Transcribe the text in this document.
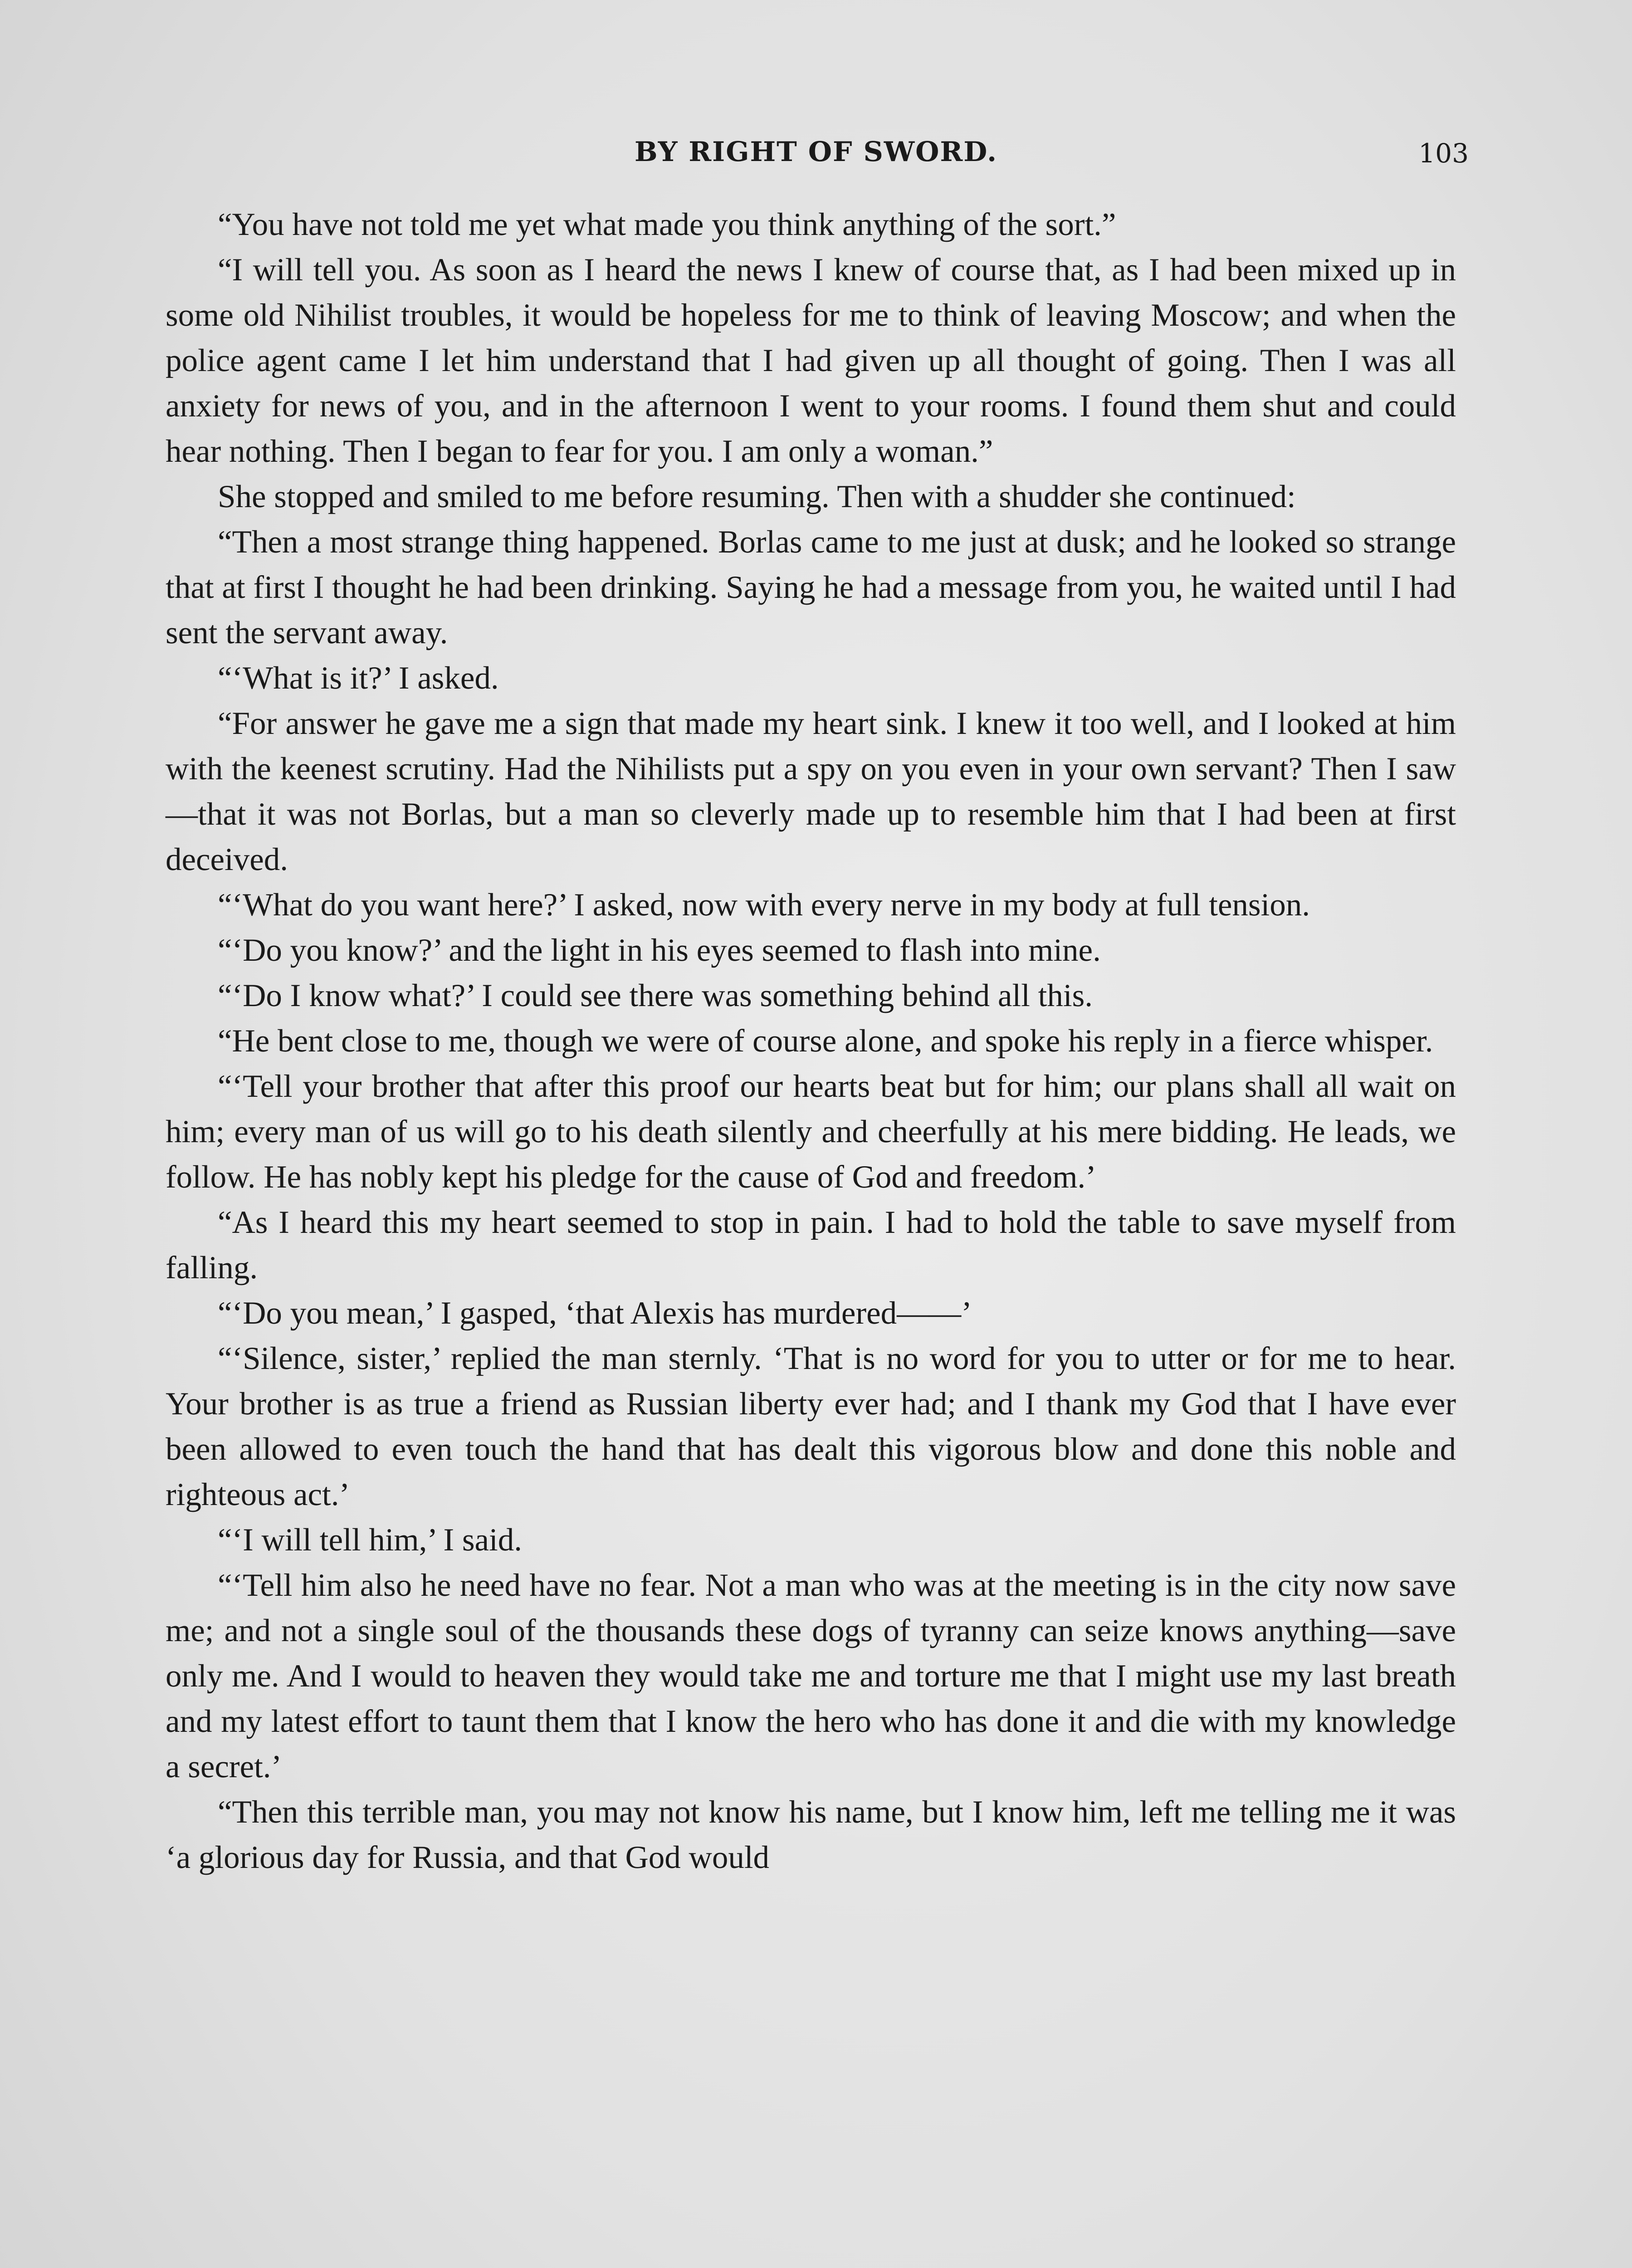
BY RIGHT OF SWORD.	103

“You have not told me yet what made you think anything of the sort.”

“I will tell you. As soon as I heard the news I knew of course that, as I had been mixed up in some old Nihilist troubles, it would be hopeless for me to think of leaving Moscow; and when the police agent came I let him understand that I had given up all thought of going. Then I was all anxiety for news of you, and in the afternoon I went to your rooms. I found them shut and could hear nothing. Then I began to fear for you. I am only a woman.”

She stopped and smiled to me before resuming. Then with a shudder she continued:

“Then a most strange thing happened. Borlas came to me just at dusk; and he looked so strange that at first I thought he had been drinking. Saying he had a message from you, he waited until I had sent the servant away.

“‘What is it?’ I asked.

“For answer he gave me a sign that made my heart sink. I knew it too well, and I looked at him with the keenest scrutiny. Had the Nihilists put a spy on you even in your own servant? Then I saw—that it was not Borlas, but a man so cleverly made up to resemble him that I had been at first deceived.

“‘What do you want here?’ I asked, now with every nerve in my body at full tension.

“‘Do you know?’ and the light in his eyes seemed to flash into mine.

“‘Do I know what?’ I could see there was something behind all this.

“He bent close to me, though we were of course alone, and spoke his reply in a fierce whisper.

“‘Tell your brother that after this proof our hearts beat but for him; our plans shall all wait on him; every man of us will go to his death silently and cheerfully at his mere bidding. He leads, we follow. He has nobly kept his pledge for the cause of God and freedom.’

“As I heard this my heart seemed to stop in pain. I had to hold the table to save myself from falling.

“‘Do you mean,’ I gasped, ‘that Alexis has murdered——’

“‘Silence, sister,’ replied the man sternly. ‘That is no word for you to utter or for me to hear. Your brother is as true a friend as Russian liberty ever had; and I thank my God that I have ever been allowed to even touch the hand that has dealt this vigorous blow and done this noble and righteous act.’

“‘I will tell him,’ I said.

“‘Tell him also he need have no fear. Not a man who was at the meeting is in the city now save me; and not a single soul of the thousands these dogs of tyranny can seize knows anything—save only me. And I would to heaven they would take me and torture me that I might use my last breath and my latest effort to taunt them that I know the hero who has done it and die with my knowledge a secret.’

“Then this terrible man, you may not know his name, but I know him, left me telling me it was ‘a glorious day for Russia, and that God would
